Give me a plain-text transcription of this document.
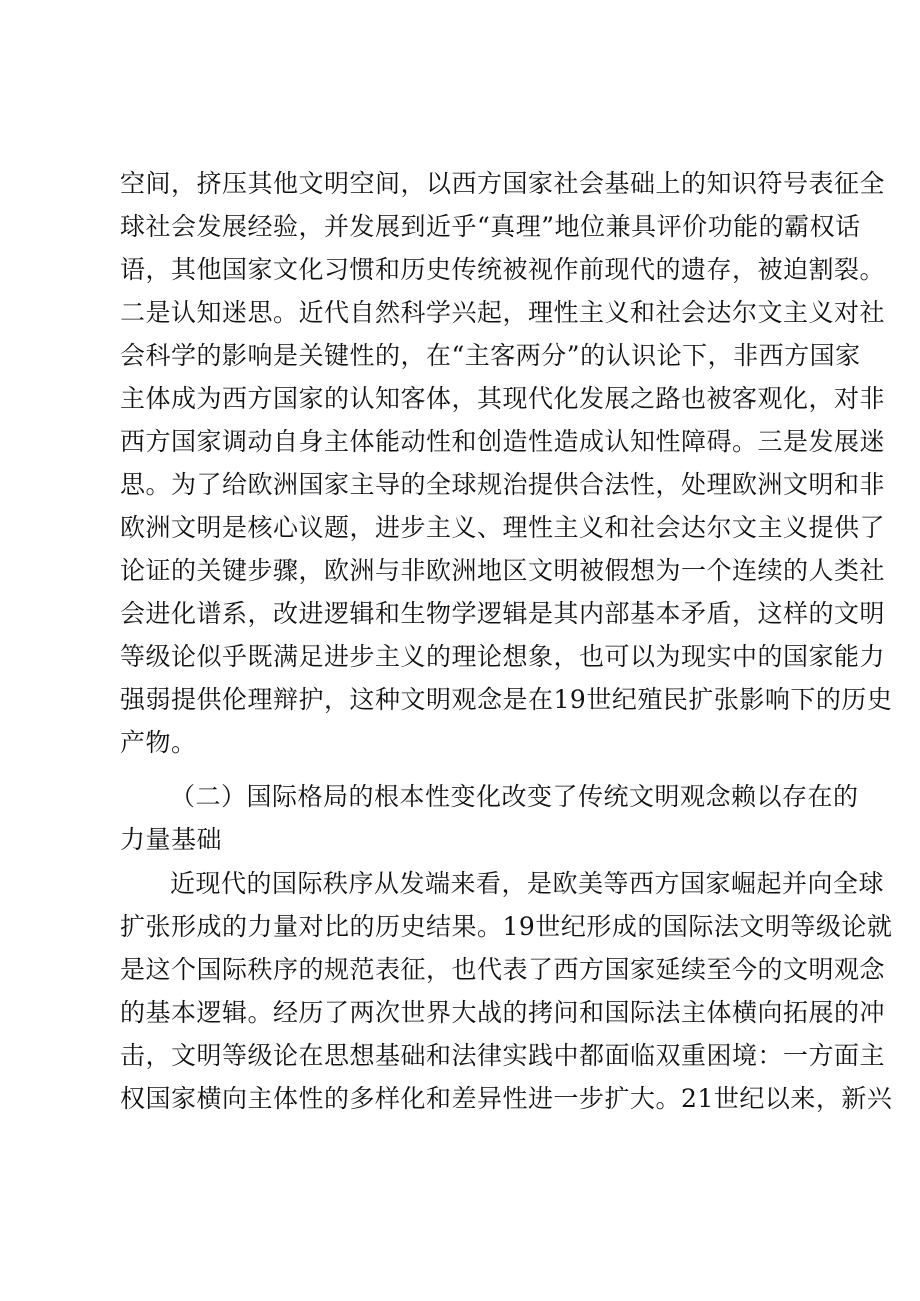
空间，挤压其他文明空间，以西方国家社会基础上的知识符号表征全
球社会发展经验，并发展到近乎“真理”地位兼具评价功能的霸权话
语，其他国家文化习惯和历史传统被视作前现代的遗存，被迫割裂。
二是认知迷思。近代自然科学兴起，理性主义和社会达尔文主义对社
会科学的影响是关键性的，在“主客两分”的认识论下，非西方国家
主体成为西方国家的认知客体，其现代化发展之路也被客观化，对非
西方国家调动自身主体能动性和创造性造成认知性障碍。三是发展迷
思。为了给欧洲国家主导的全球规治提供合法性，处理欧洲文明和非
欧洲文明是核心议题，进步主义、理性主义和社会达尔文主义提供了
论证的关键步骤，欧洲与非欧洲地区文明被假想为一个连续的人类社
会进化谱系，改进逻辑和生物学逻辑是其内部基本矛盾，这样的文明
等级论似乎既满足进步主义的理论想象，也可以为现实中的国家能力
强弱提供伦理辩护，这种文明观念是在19世纪殖民扩张影响下的历史
产物。
（二）国际格局的根本性变化改变了传统文明观念赖以存在的
力量基础
近现代的国际秩序从发端来看，是欧美等西方国家崛起并向全球
扩张形成的力量对比的历史结果。19世纪形成的国际法文明等级论就
是这个国际秩序的规范表征，也代表了西方国家延续至今的文明观念
的基本逻辑。经历了两次世界大战的拷问和国际法主体横向拓展的冲
击，文明等级论在思想基础和法律实践中都面临双重困境：一方面主
权国家横向主体性的多样化和差异性进一步扩大。21世纪以来，新兴
